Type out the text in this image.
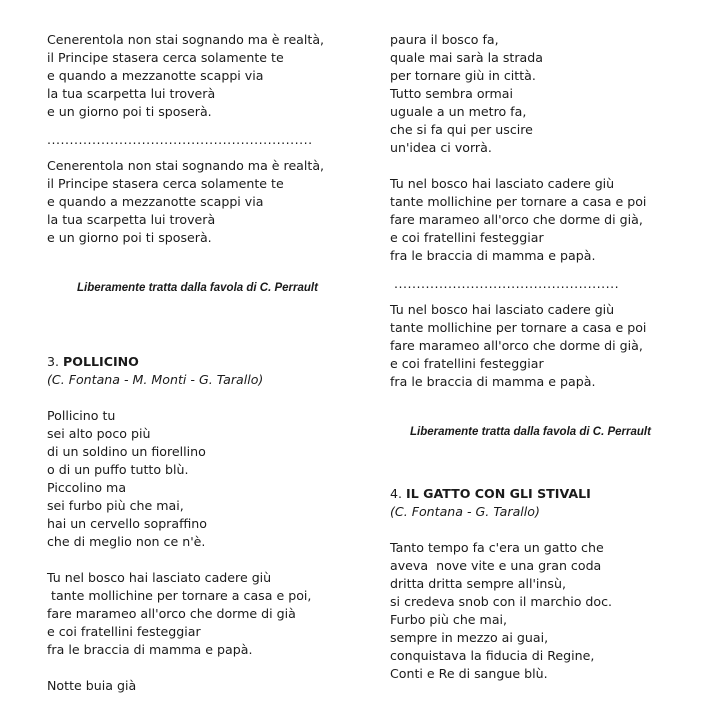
Cenerentola non stai sognando ma è realtà,
il Principe stasera cerca solamente te
e quando a mezzanotte scappi via
la tua scarpetta lui troverà
e un giorno poi ti sposerà.
...........................................................
Cenerentola non stai sognando ma è realtà,
il Principe stasera cerca solamente te
e quando a mezzanotte scappi via
la tua scarpetta lui troverà
e un giorno poi ti sposerà.
Liberamente tratta dalla favola di C. Perrault
3. POLLICINO
(C. Fontana - M. Monti - G. Tarallo)
Pollicino tu
sei alto poco più
di un soldino un fiorellino
o di un puffo tutto blù.
Piccolino ma
sei furbo più che mai,
hai un cervello sopraffino
che di meglio non ce n'è.
Tu nel bosco hai lasciato cadere giù
tante mollichine per tornare a casa e poi,
fare marameo all'orco che dorme di già
e coi fratellini festeggiar
fra le braccia di mamma e papà.
Notte buia già
paura il bosco fa,
quale mai sarà la strada
per tornare giù in città.
Tutto sembra ormai
uguale a un metro fa,
che si fa qui per uscire
un'idea ci vorrà.
Tu nel bosco hai lasciato cadere giù
tante mollichine per tornare a casa e poi
fare marameo all'orco che dorme di già,
e coi fratellini festeggiar
fra le braccia di mamma e papà.
..................................................
Tu nel bosco hai lasciato cadere giù
tante mollichine per tornare a casa e poi
fare marameo all'orco che dorme di già,
e coi fratellini festeggiar
fra le braccia di mamma e papà.
Liberamente tratta dalla favola di C. Perrault
4. IL GATTO CON GLI STIVALI
(C. Fontana - G. Tarallo)
Tanto tempo fa c'era un gatto che
aveva  nove vite e una gran coda
dritta dritta sempre all'insù,
si credeva snob con il marchio doc.
Furbo più che mai,
sempre in mezzo ai guai,
conquistava la fiducia di Regine,
Conti e Re di sangue blù.
